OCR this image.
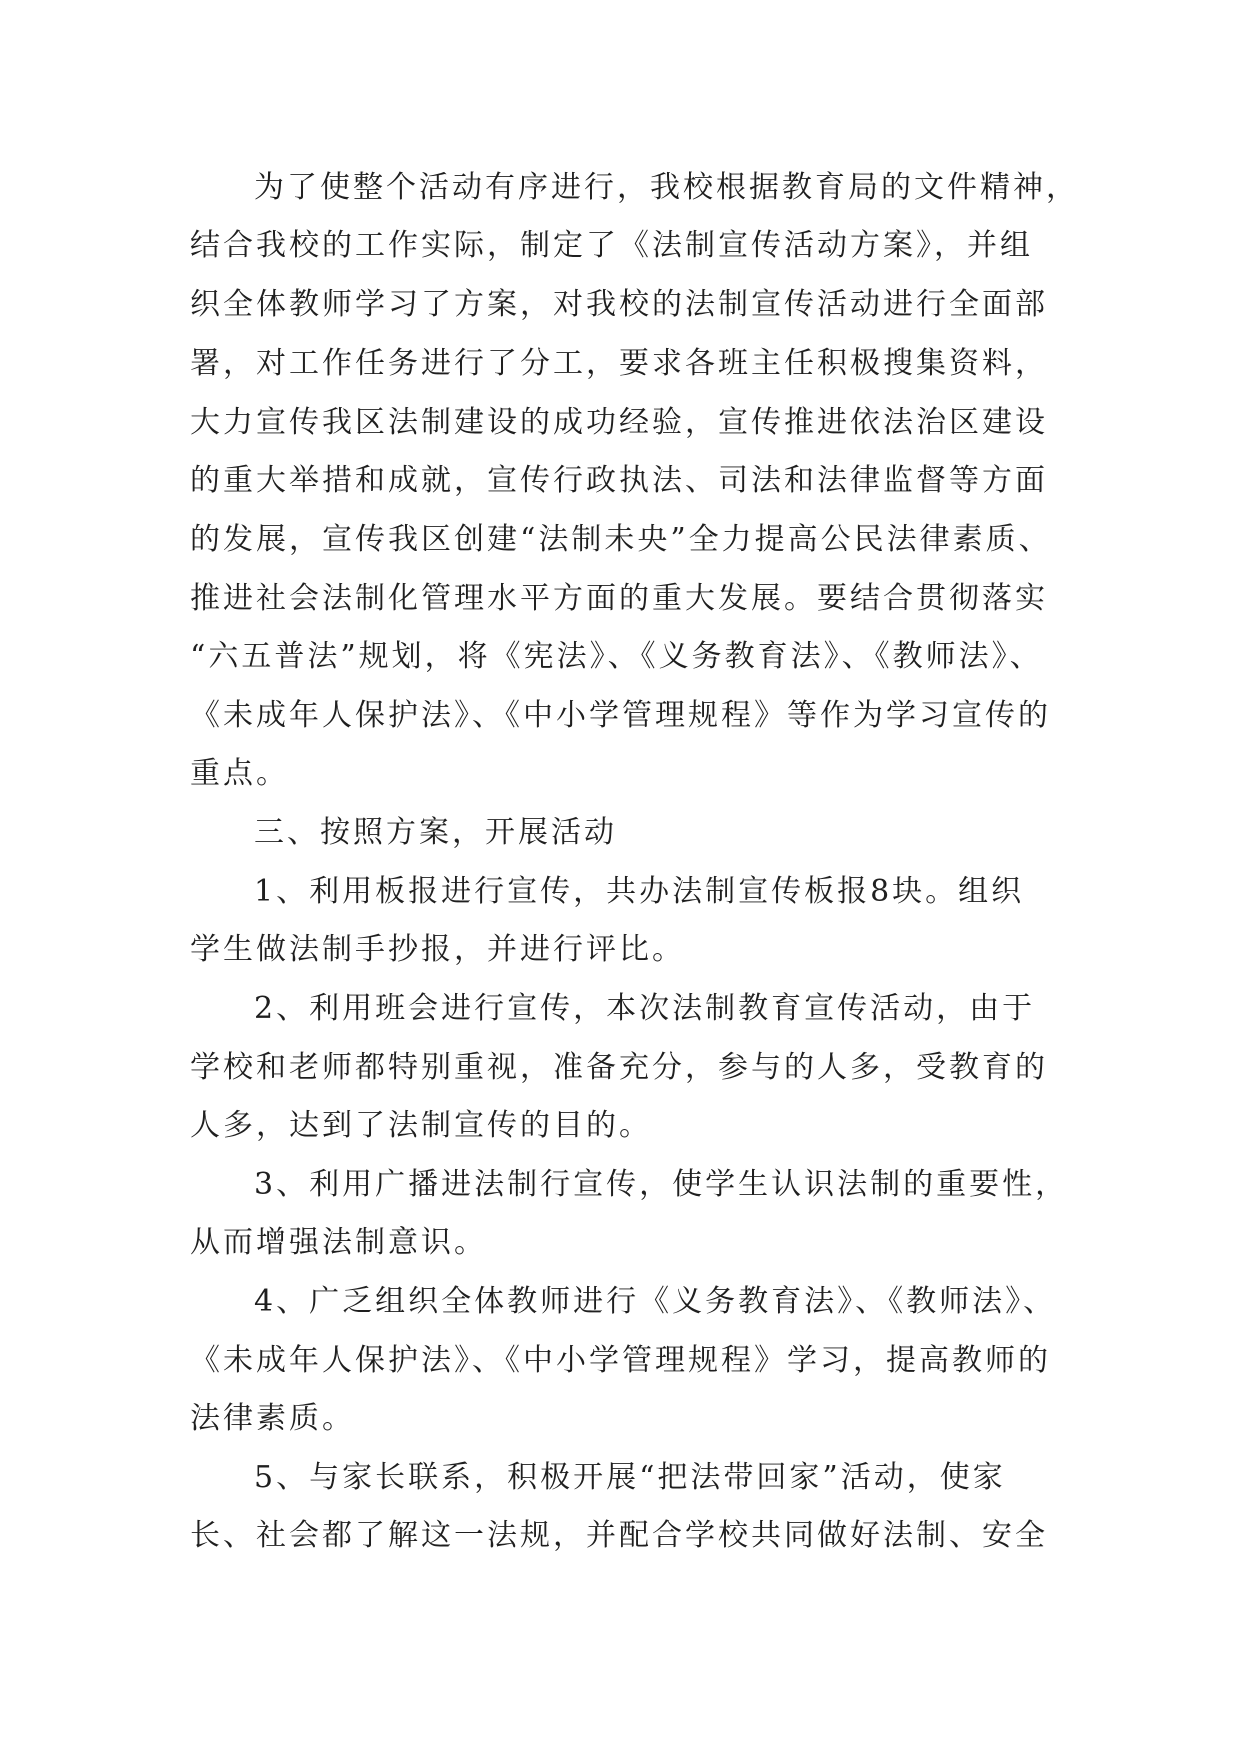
为了使整个活动有序进行，我校根据教育局的文件精神，
结合我校的工作实际，制定了《法制宣传活动方案》，并组
织全体教师学习了方案，对我校的法制宣传活动进行全面部
署，对工作任务进行了分工，要求各班主任积极搜集资料，
大力宣传我区法制建设的成功经验，宣传推进依法治区建设
的重大举措和成就，宣传行政执法、司法和法律监督等方面
的发展，宣传我区创建“法制未央”全力提高公民法律素质、
推进社会法制化管理水平方面的重大发展。要结合贯彻落实
“六五普法”规划，将《宪法》、《义务教育法》、《教师法》、
《未成年人保护法》、《中小学管理规程》等作为学习宣传的
重点。
三、按照方案，开展活动
1、利用板报进行宣传，共办法制宣传板报8块。组织
学生做法制手抄报，并进行评比。
2、利用班会进行宣传，本次法制教育宣传活动，由于
学校和老师都特别重视，准备充分，参与的人多，受教育的
人多，达到了法制宣传的目的。
3、利用广播进法制行宣传，使学生认识法制的重要性，
从而增强法制意识。
4、广乏组织全体教师进行《义务教育法》、《教师法》、
《未成年人保护法》、《中小学管理规程》学习，提高教师的
法律素质。
5、与家长联系，积极开展“把法带回家”活动，使家
长、社会都了解这一法规，并配合学校共同做好法制、安全
